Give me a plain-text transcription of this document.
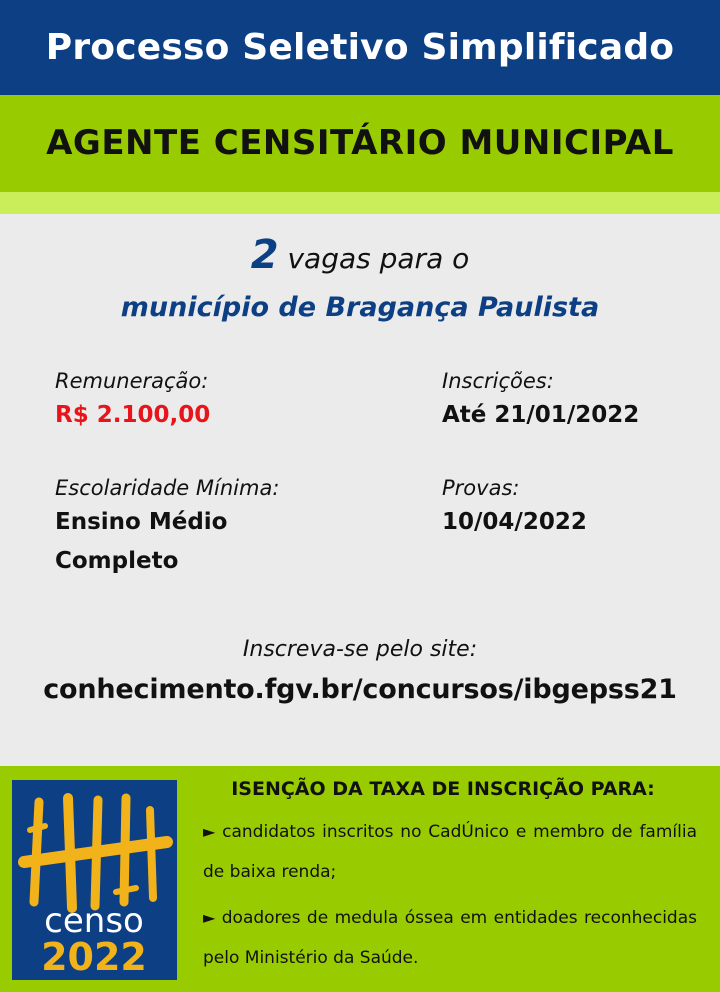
Processo Seletivo Simplificado
AGENTE CENSITÁRIO MUNICIPAL
2 vagas para o
município de Bragança Paulista
Remuneração:
R$ 2.100,00
Inscrições:
Até 21/01/2022
Escolaridade Mínima:
Ensino Médio
Completo
Provas:
10/04/2022
Inscreva-se pelo site:
conhecimento.fgv.br/concursos/ibgepss21
censo
2022
ISENÇÃO DA TAXA DE INSCRIÇÃO PARA:
► candidatos inscritos no CadÚnico e membro de família de baixa renda;
► doadores de medula óssea em entidades reconhecidas pelo Ministério da Saúde.
